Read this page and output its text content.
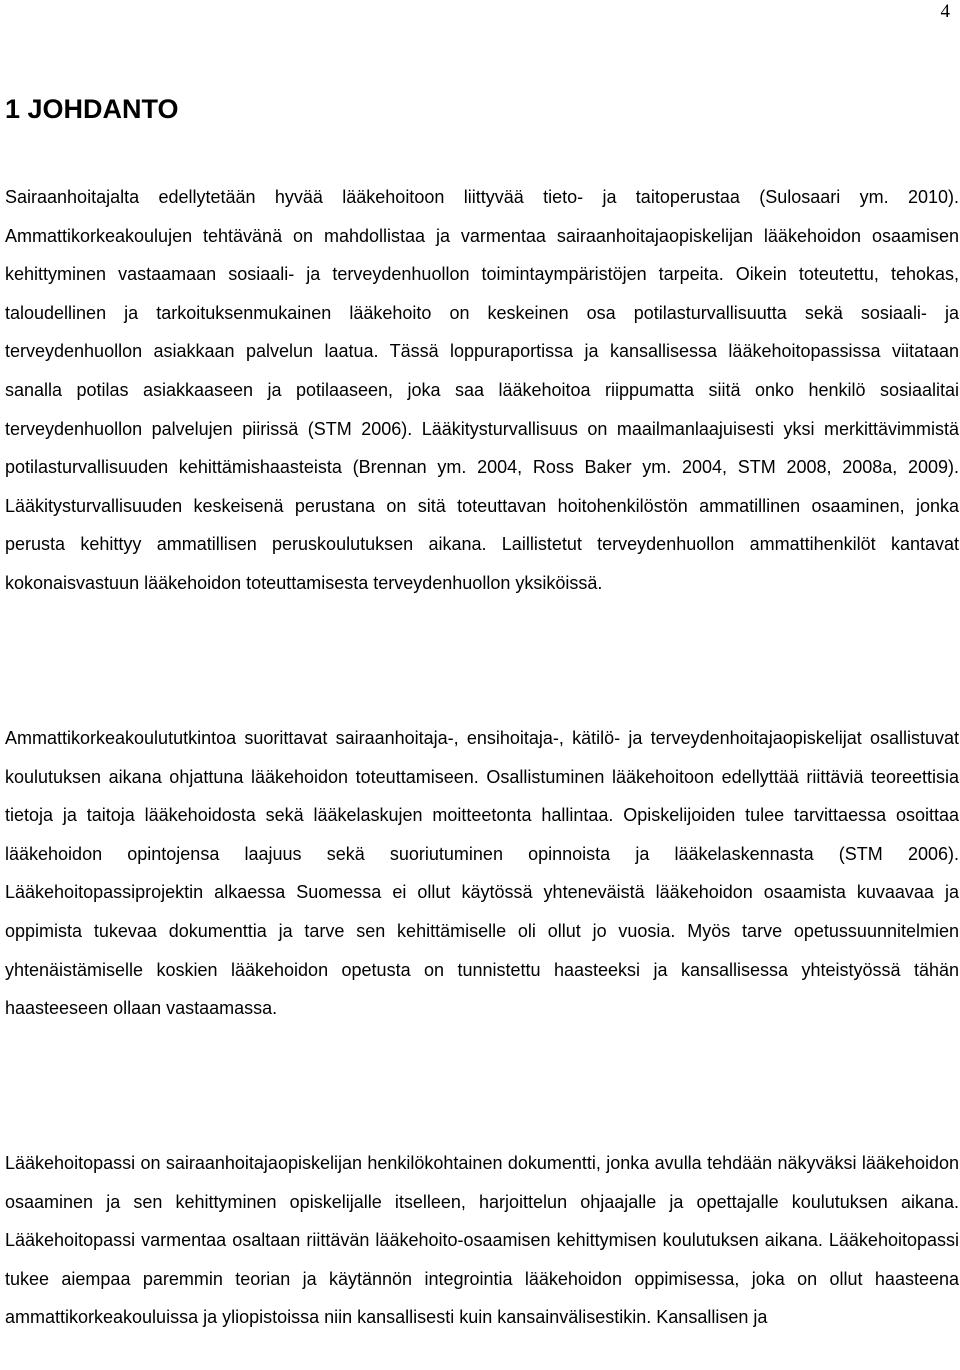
4
1 JOHDANTO

Sairaanhoitajalta edellytetään hyvää lääkehoitoon liittyvää tieto- ja taitoperustaa (Sulosaari ym. 2010). Ammattikorkeakoulujen tehtävänä on mahdollistaa ja varmentaa sairaanhoitajaopiskelijan lääkehoidon osaamisen kehittyminen vastaamaan sosiaali- ja terveydenhuollon toimintaympäristöjen tarpeita. Oikein toteutettu, tehokas, taloudellinen ja tarkoituksenmukainen lääkehoito on keskeinen osa potilasturvallisuutta sekä sosiaali- ja terveydenhuollon asiakkaan palvelun laatua. Tässä loppuraportissa ja kansallisessa lääkehoitopassissa viitataan sanalla potilas asiakkaaseen ja potilaaseen, joka saa lääkehoitoa riippumatta siitä onko henkilö sosiaalitai terveydenhuollon palvelujen piirissä (STM 2006). Lääkitysturvallisuus on maailmanlaajuisesti yksi merkittävimmistä potilasturvallisuuden kehittämishaasteista (Brennan ym. 2004, Ross Baker ym. 2004, STM 2008, 2008a, 2009). Lääkitysturvallisuuden keskeisenä perustana on sitä toteuttavan hoitohenkilöstön ammatillinen osaaminen, jonka perusta kehittyy ammatillisen peruskoulutuksen aikana. Laillistetut terveydenhuollon ammattihenkilöt kantavat kokonaisvastuun lääkehoidon toteuttamisesta terveydenhuollon yksiköissä.

Ammattikorkeakoulututkintoa suorittavat sairaanhoitaja-, ensihoitaja-, kätilö- ja terveydenhoitajaopiskelijat osallistuvat koulutuksen aikana ohjattuna lääkehoidon toteuttamiseen. Osallistuminen lääkehoitoon edellyttää riittäviä teoreettisia tietoja ja taitoja lääkehoidosta sekä lääkelaskujen moitteetonta hallintaa. Opiskelijoiden tulee tarvittaessa osoittaa lääkehoidon opintojensa laajuus sekä suoriutuminen opinnoista ja lääkelaskennasta (STM 2006). Lääkehoitopassiprojektin alkaessa Suomessa ei ollut käytössä yhteneväistä lääkehoidon osaamista kuvaavaa ja oppimista tukevaa dokumenttia ja tarve sen kehittämiselle oli ollut jo vuosia. Myös tarve opetussuunnitelmien yhtenäistämiselle koskien lääkehoidon opetusta on tunnistettu haasteeksi ja kansallisessa yhteistyössä tähän haasteeseen ollaan vastaamassa.

Lääkehoitopassi on sairaanhoitajaopiskelijan henkilökohtainen dokumentti, jonka avulla tehdään näkyväksi lääkehoidon osaaminen ja sen kehittyminen opiskelijalle itselleen, harjoittelun ohjaajalle ja opettajalle koulutuksen aikana. Lääkehoitopassi varmentaa osaltaan riittävän lääkehoito-osaamisen kehittymisen koulutuksen aikana. Lääkehoitopassi tukee aiempaa paremmin teorian ja käytännön integrointia lääkehoidon oppimisessa, joka on ollut haasteena ammattikorkeakouluissa ja yliopistoissa niin kansallisesti kuin kansainvälisestikin. Kansallisen ja
